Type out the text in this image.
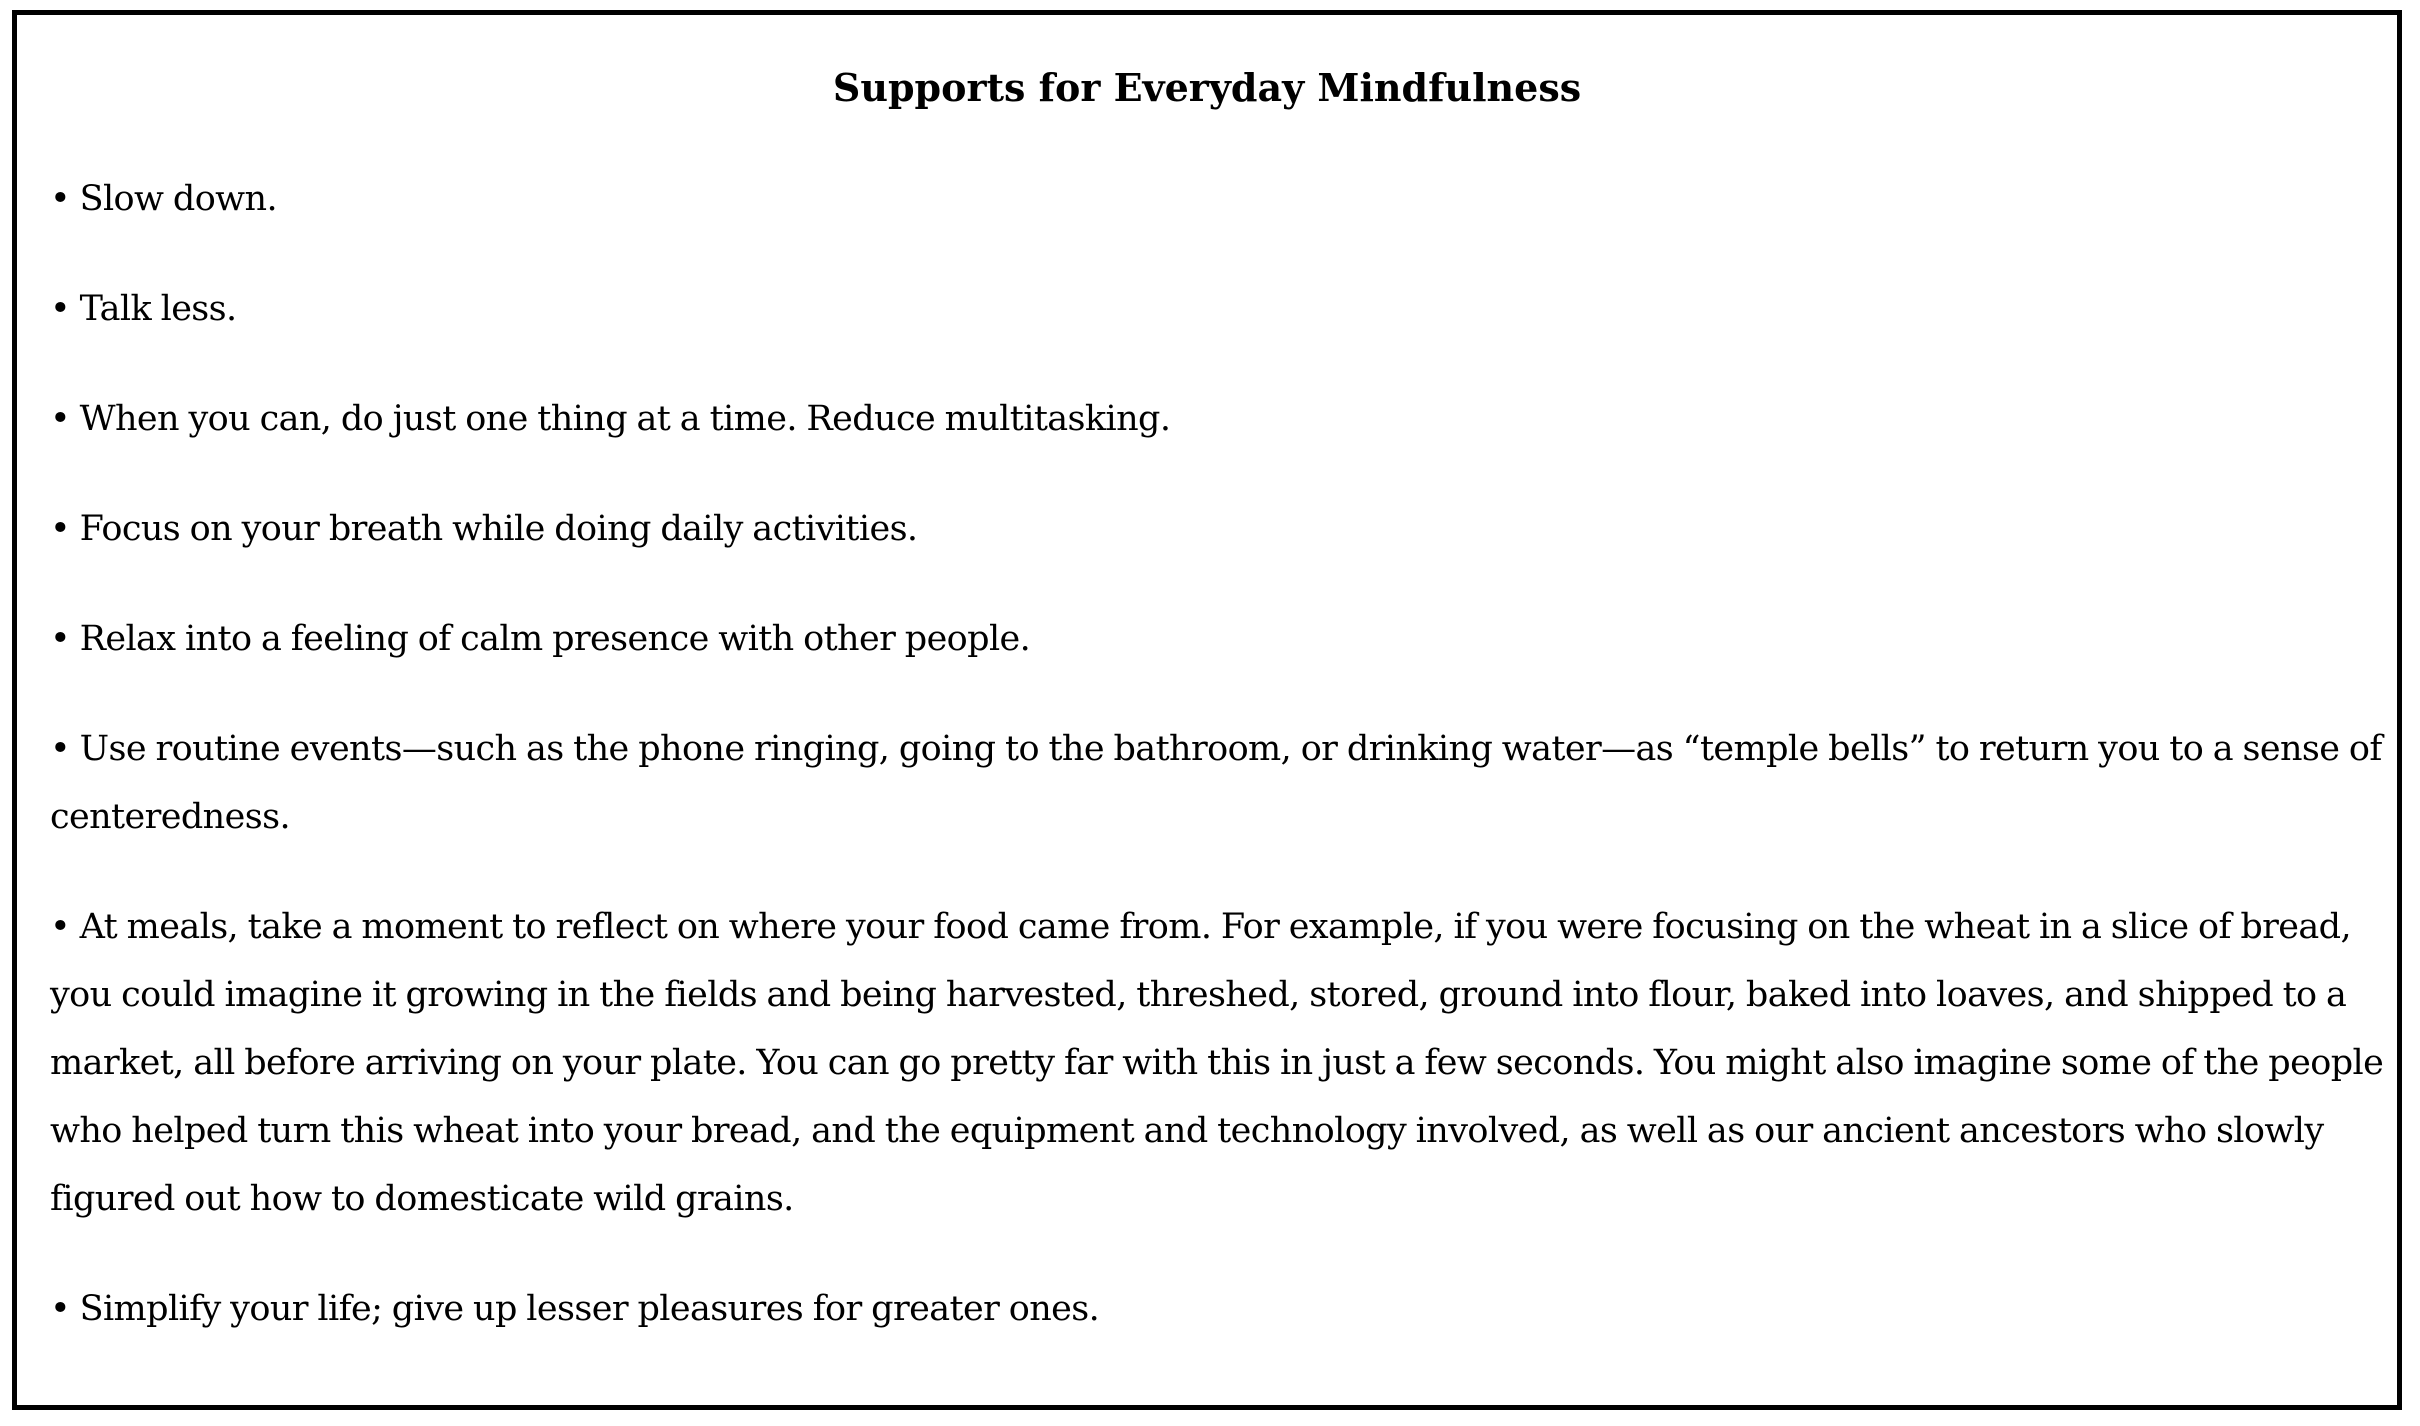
Supports for Everyday Mindfulness
• Slow down.
• Talk less.
• When you can, do just one thing at a time. Reduce multitasking.
• Focus on your breath while doing daily activities.
• Relax into a feeling of calm presence with other people.
• Use routine events—such as the phone ringing, going to the bathroom, or drinking water—as “temple bells” to return you to a sense of centeredness.
• At meals, take a moment to reflect on where your food came from. For example, if you were focusing on the wheat in a slice of bread, you could imagine it growing in the fields and being harvested, threshed, stored, ground into flour, baked into loaves, and shipped to a market, all before arriving on your plate. You can go pretty far with this in just a few seconds. You might also imagine some of the people who helped turn this wheat into your bread, and the equipment and technology involved, as well as our ancient ancestors who slowly figured out how to domesticate wild grains.
• Simplify your life; give up lesser pleasures for greater ones.
